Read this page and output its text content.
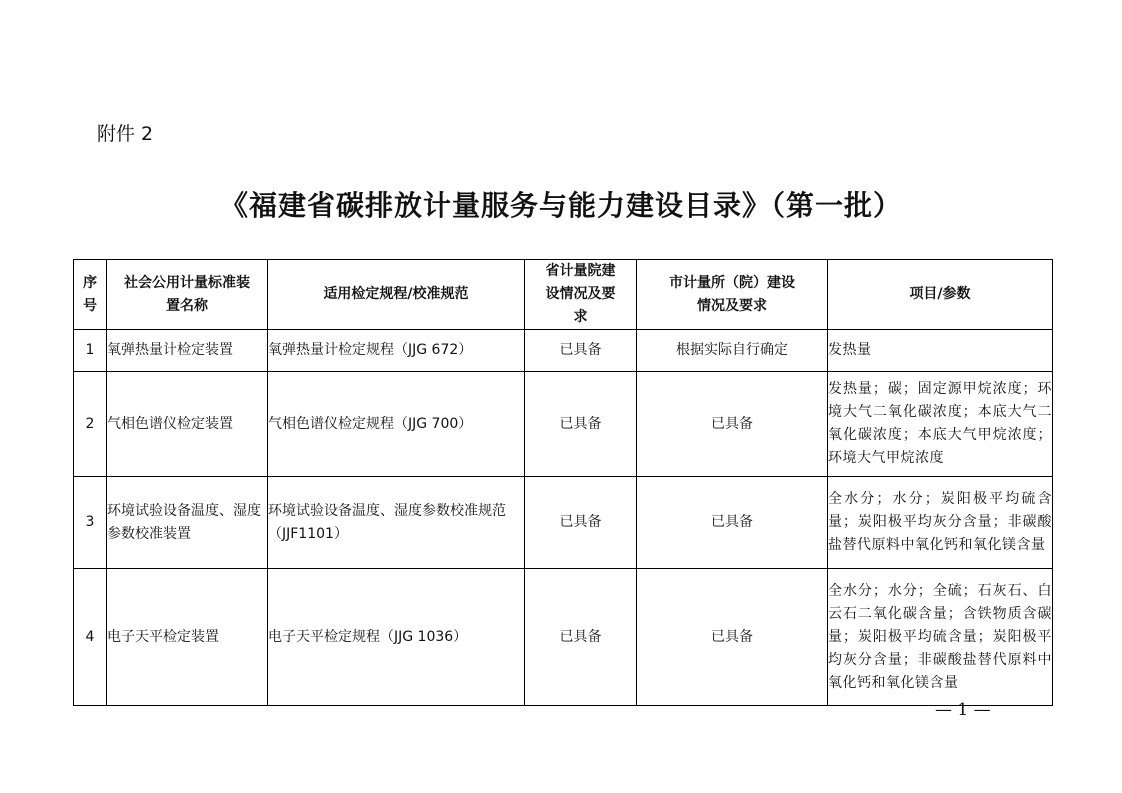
附件 2
《福建省碳排放计量服务与能力建设目录》（第一批）
序号	社会公用计量标准装置名称	适用检定规程/校准规范	省计量院建设情况及要求	市计量所（院）建设情况及要求	项目/参数
1	氧弹热量计检定装置	氧弹热量计检定规程（JJG 672）	已具备	根据实际自行确定	发热量
2	气相色谱仪检定装置	气相色谱仪检定规程（JJG 700）	已具备	已具备	发热量；碳；固定源甲烷浓度；环境大气二氧化碳浓度；本底大气二氧化碳浓度；本底大气甲烷浓度；环境大气甲烷浓度
3	环境试验设备温度、湿度参数校准装置	环境试验设备温度、湿度参数校准规范（JJF1101）	已具备	已具备	全水分；水分；炭阳极平均硫含量；炭阳极平均灰分含量；非碳酸盐替代原料中氧化钙和氧化镁含量
4	电子天平检定装置	电子天平检定规程（JJG 1036）	已具备	已具备	全水分；水分；全硫；石灰石、白云石二氧化碳含量；含铁物质含碳量；炭阳极平均硫含量；炭阳极平均灰分含量；非碳酸盐替代原料中氧化钙和氧化镁含量
— 1 —
